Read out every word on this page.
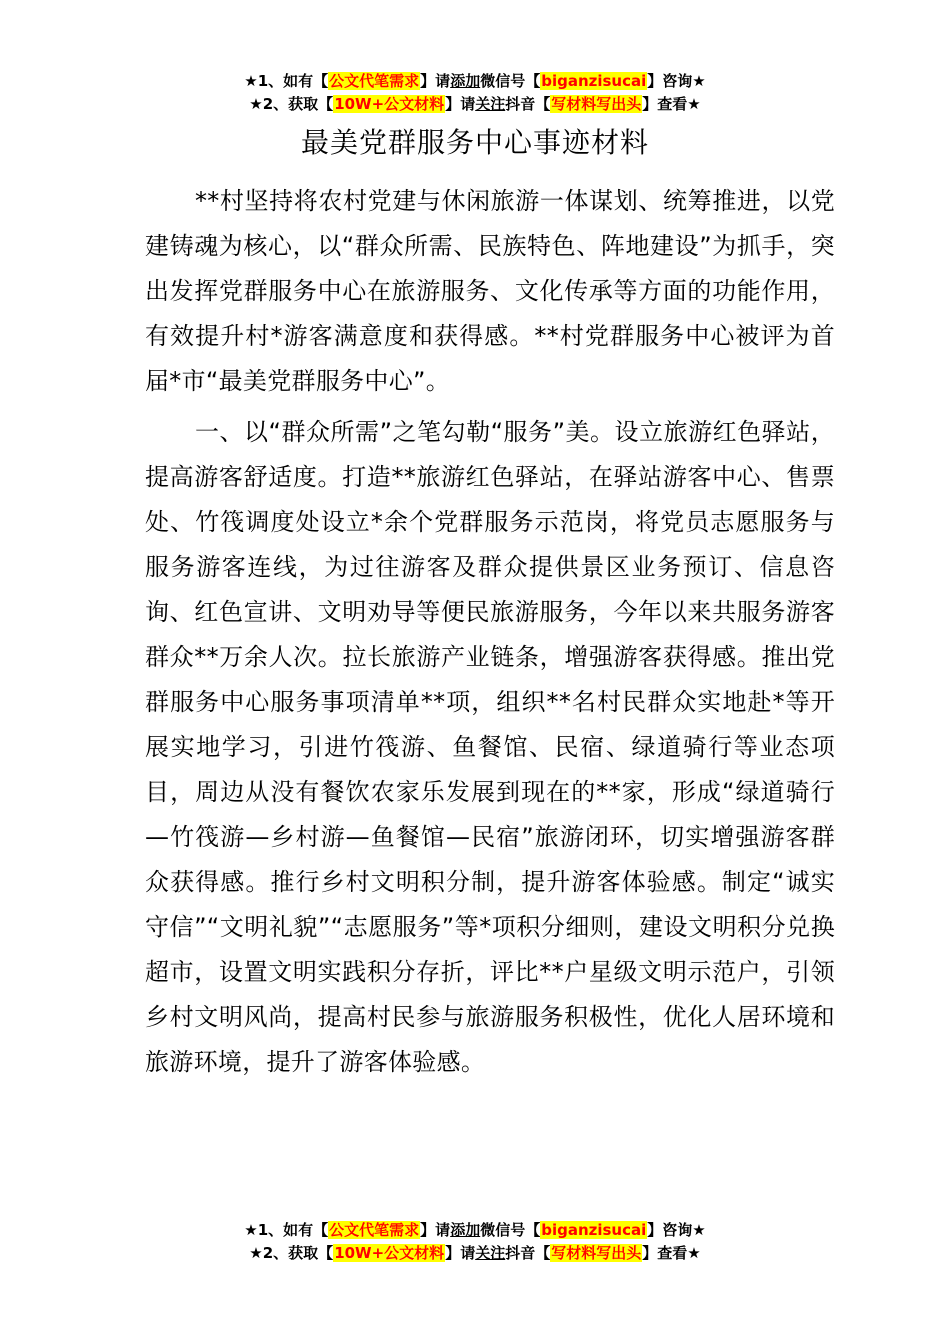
★1、如有【公文代笔需求】请添加微信号【biganzisucai】咨询★
★2、获取【10W+公文材料】请关注抖音【写材料写出头】查看★
最美党群服务中心事迹材料

**村坚持将农村党建与休闲旅游一体谋划、统筹推进，以党建铸魂为核心，以“群众所需、民族特色、阵地建设”为抓手，突出发挥党群服务中心在旅游服务、文化传承等方面的功能作用，有效提升村*游客满意度和获得感。**村党群服务中心被评为首届*市“最美党群服务中心”。

一、以“群众所需”之笔勾勒“服务”美。设立旅游红色驿站，提高游客舒适度。打造**旅游红色驿站，在驿站游客中心、售票处、竹筏调度处设立*余个党群服务示范岗，将党员志愿服务与服务游客连线，为过往游客及群众提供景区业务预订、信息咨询、红色宣讲、文明劝导等便民旅游服务，今年以来共服务游客群众**万余人次。拉长旅游产业链条，增强游客获得感。推出党群服务中心服务事项清单**项，组织**名村民群众实地赴*等开展实地学习，引进竹筏游、鱼餐馆、民宿、绿道骑行等业态项目，周边从没有餐饮农家乐发展到现在的**家，形成“绿道骑行—竹筏游—乡村游—鱼餐馆—民宿”旅游闭环，切实增强游客群众获得感。推行乡村文明积分制，提升游客体验感。制定“诚实守信”“文明礼貌”“志愿服务”等*项积分细则，建设文明积分兑换超市，设置文明实践积分存折，评比**户星级文明示范户，引领乡村文明风尚，提高村民参与旅游服务积极性，优化人居环境和旅游环境，提升了游客体验感。

★1、如有【公文代笔需求】请添加微信号【biganzisucai】咨询★
★2、获取【10W+公文材料】请关注抖音【写材料写出头】查看★
